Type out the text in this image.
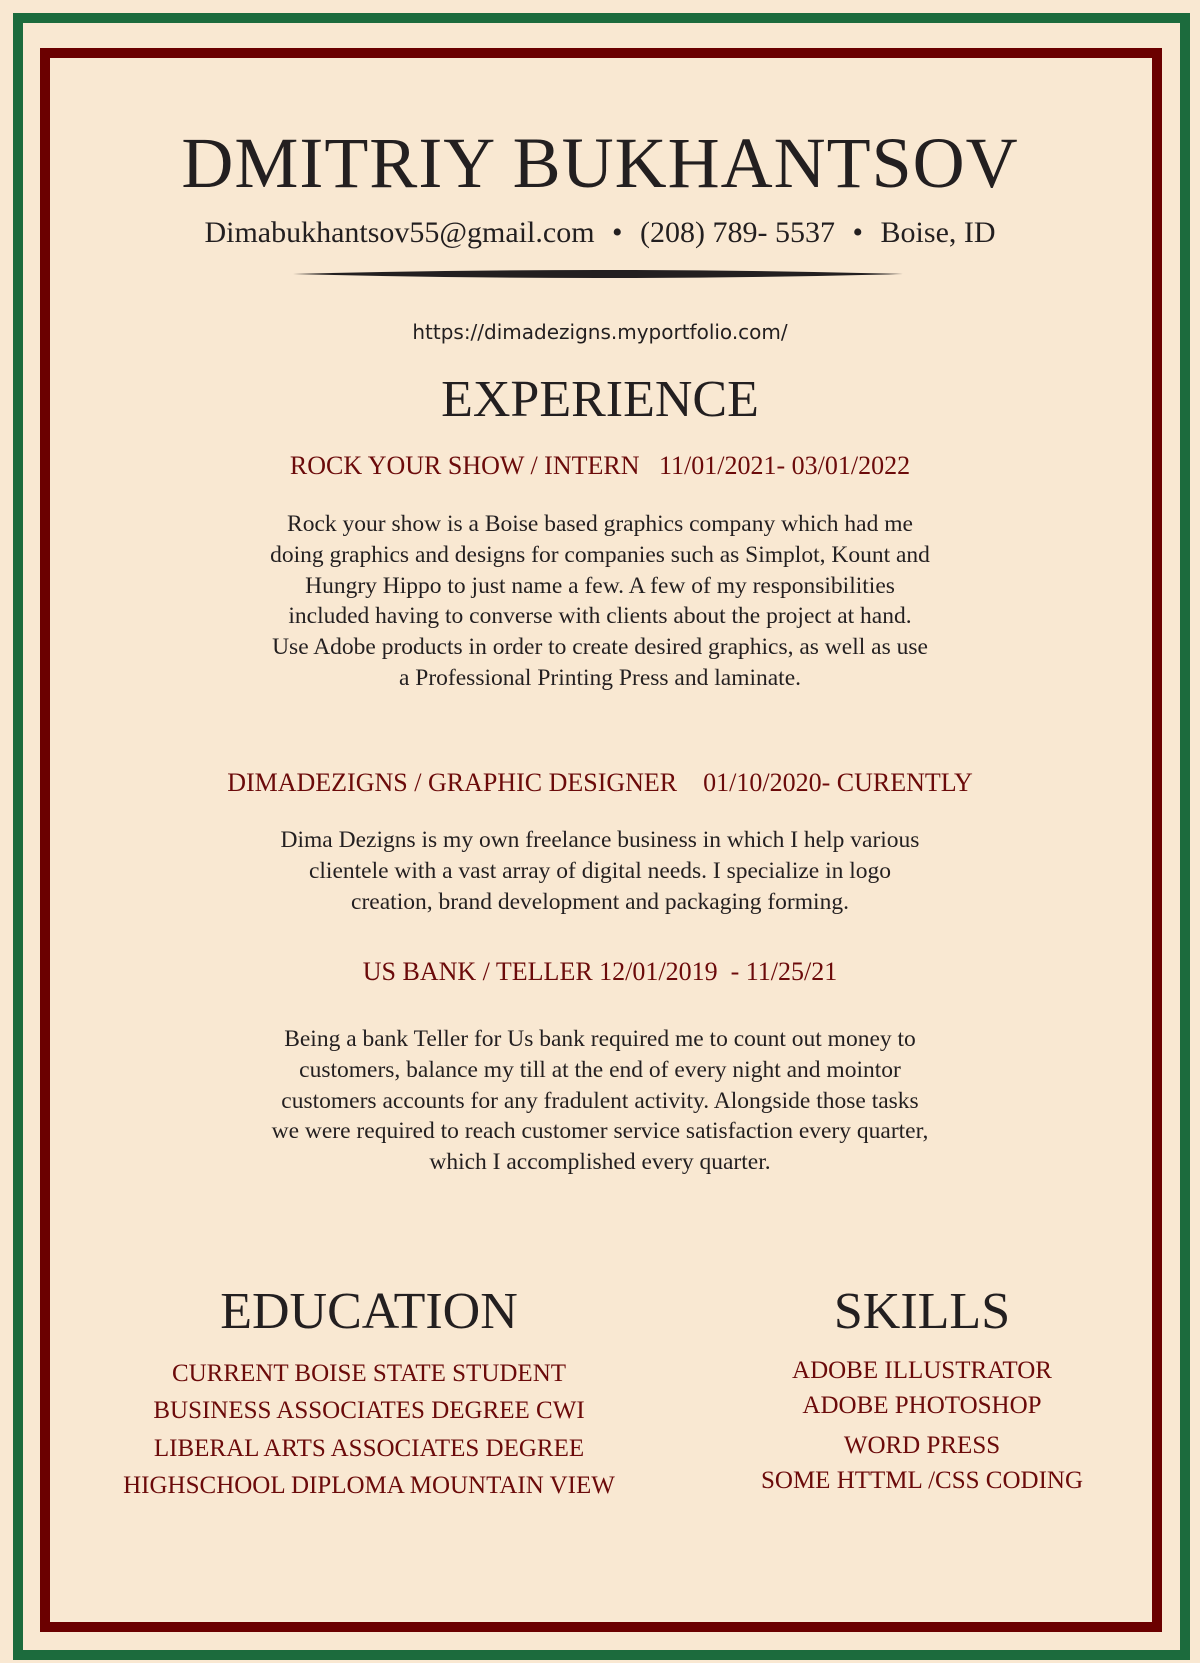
DMITRIY BUKHANTSOV
Dimabukhantsov55@gmail.com • (208) 789- 5537 • Boise, ID
https://dimadezigns.myportfolio.com/
EXPERIENCE
ROCK YOUR SHOW / INTERN   11/01/2021- 03/01/2022
Rock your show is a Boise based graphics company which had me doing graphics and designs for companies such as Simplot, Kount and Hungry Hippo to just name a few. A few of my responsibilities included having to converse with clients about the project at hand. Use Adobe products in order to create desired graphics, as well as use a Professional Printing Press and laminate.
DIMADEZIGNS / GRAPHIC DESIGNER    01/10/2020- CURENTLY
Dima Dezigns is my own freelance business in which I help various clientele with a vast array of digital needs. I specialize in logo creation, brand development and packaging forming.
US BANK / TELLER 12/01/2019  - 11/25/21
Being a bank Teller for Us bank required me to count out money to customers, balance my till at the end of every night and mointor customers accounts for any fradulent activity. Alongside those tasks we were required to reach customer service satisfaction every quarter, which I accomplished every quarter.
EDUCATION
CURRENT BOISE STATE STUDENT
BUSINESS ASSOCIATES DEGREE CWI
LIBERAL ARTS ASSOCIATES DEGREE
HIGHSCHOOL DIPLOMA MOUNTAIN VIEW
SKILLS
ADOBE ILLUSTRATOR
ADOBE PHOTOSHOP
WORD PRESS
SOME HTTML /CSS CODING
